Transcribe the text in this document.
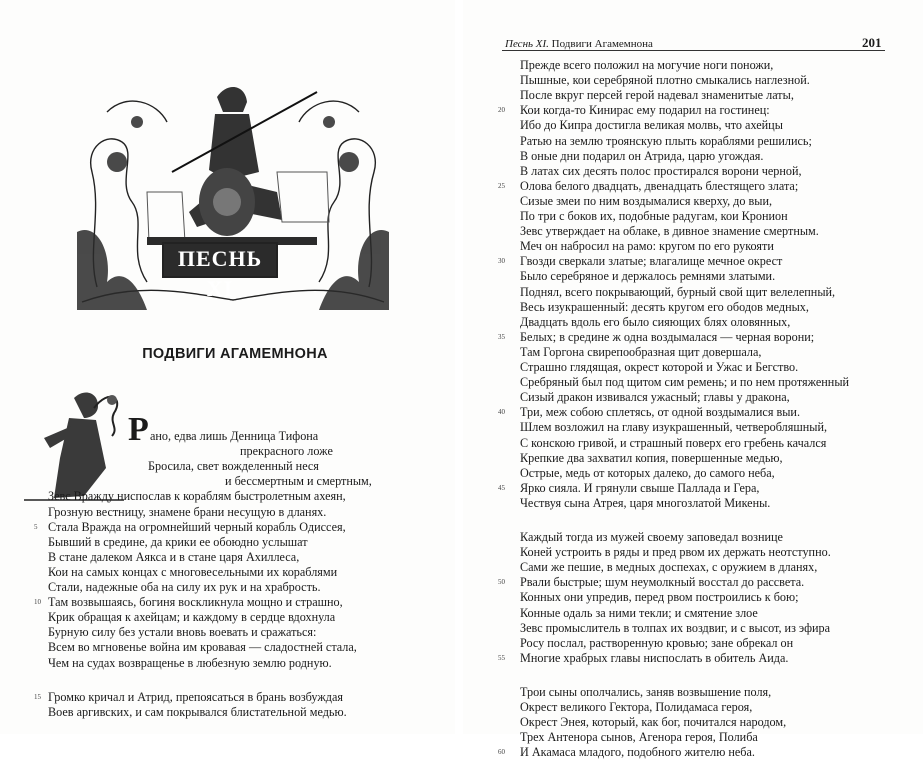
ПЕСНЬ XI
ПОДВИГИ АГАМЕМНОНА
Р ано, едва лишь Денница Тифона
прекрасного ложе
Бросила, свет вожделенный неся
и бессмертным и смертным,
Зевс Вражду ниспослав к кораблям быстролетным ахеян,
Грозную вестницу, знамене брани несущую в дланях.
Стала Вражда на огромнейший черный корабль Одиссея,
5
Бывший в средине, да крики ее обоюдно услышат
В стане далеком Аякса и в стане царя Ахиллеса,
Кои на самых концах с многовесельными их кораблями
Стали, надежные оба на силу их рук и на храбрость.
Там возвышаясь, богиня воскликнула мощно и страшно,
10
Крик обращая к ахейцам; и каждому в сердце вдохнула
Бурную силу без устали вновь воевать и сражаться:
Всем во мгновенье война им кровавая — сладостней стала,
Чем на судах возвращенье в любезную землю родную.
Громко кричал и Атрид, препоясаться в брань возбуждая
15
Воев аргивских, и сам покрывался блистательной медью.
Песнь XI. Подвиги Агамемнона	201
Прежде всего положил на могучие ноги поножи,
Пышные, кои серебряной плотно смыкались наглезной.
После вкруг персей герой надевал знаменитые латы,
Кои когда-то Кинирас ему подарил на гостинец:
20
Ибо до Кипра достигла великая молвь, что ахейцы
Ратью на землю троянскую плыть кораблями решились;
В оные дни подарил он Атрида, царю угождая.
В латах сих десять полос простирался ворони черной,
Олова белого двадцать, двенадцать блестящего злата;
25
Сизые змеи по ним воздымалися кверху, до выи,
По три с боков их, подобные радугам, кои Кронион
Зевс утверждает на облаке, в дивное знамение смертным.
Меч он набросил на рамо: кругом по его рукояти
Гвозди сверкали златые; влагалище мечное окрест
30
Было серебряное и держалось ремнями златыми.
Поднял, всего покрывающий, бурный свой щит велелепный,
Весь изукрашенный: десять кругом его ободов медных,
Двадцать вдоль его было сияющих блях оловянных,
Белых; в средине ж одна воздымалася — черная ворони;
35
Там Горгона свирепообразная щит довершала,
Страшно глядящая, окрест которой и Ужас и Бегство.
Сребряный был под щитом сим ремень; и по нем протяженный
Сизый дракон извивался ужасный; главы у дракона,
Три, меж собою сплетясь, от одной воздымалися выи.
40
Шлем возложил на главу изукрашенный, четверобляшный,
С конскою гривой, и страшный поверх его гребень качался
Крепкие два захватил копия, повершенные медью,
Острые, медь от которых далеко, до самого неба,
Ярко сияла. И грянули свыше Паллада и Гера,
45
Чествуя сына Атрея, царя многозлатой Микены.
Каждый тогда из мужей своему заповедал вознице
Коней устроить в ряды и пред рвом их держать неотступно.
Сами же пешие, в медных доспехах, с оружием в дланях,
Рвали быстрые; шум неумолкный восстал до рассвета.
50
Конных они упредив, перед рвом построились к бою;
Конные одаль за ними текли; и смятение злое
Зевс промыслитель в толпах их воздвиг, и с высот, из эфира
Росу послал, растворенную кровью; зане обрекал он
Многие храбрых главы ниспослать в обитель Аида.
55
Трои сыны ополчались, заняв возвышение поля,
Окрест великого Гектора, Полидамаса героя,
Окрест Энея, который, как бог, почитался народом,
Трех Антенора сынов, Агенора героя, Полиба
И Акамаса младого, подобного жителю неба.
60
